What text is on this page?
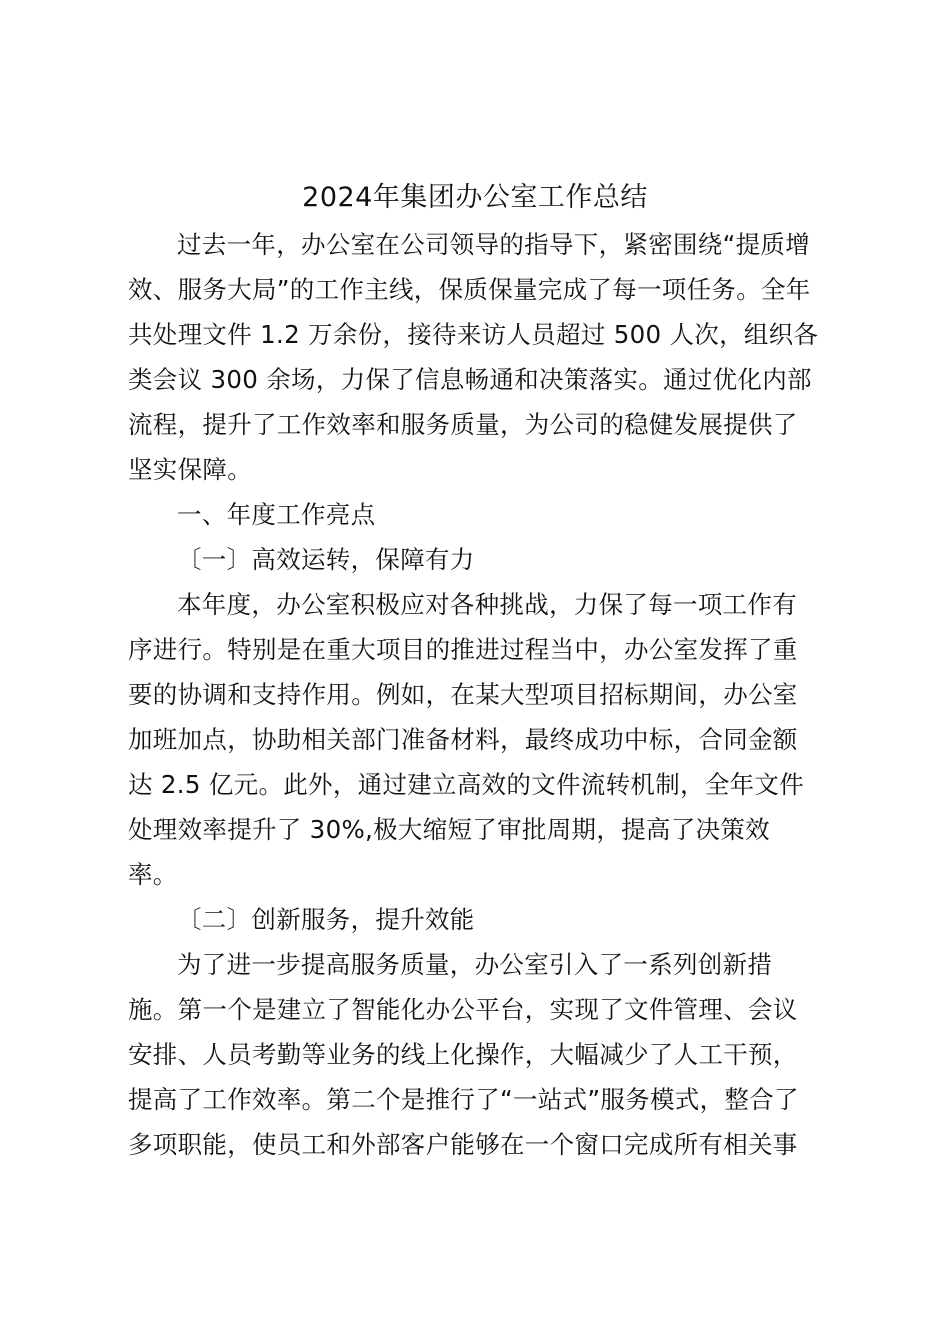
2024年集团办公室工作总结
过去一年，办公室在公司领导的指导下，紧密围绕“提质增
效、服务大局”的工作主线，保质保量完成了每一项任务。全年
共处理文件 1.2 万余份，接待来访人员超过 500 人次，组织各
类会议 300 余场，力保了信息畅通和决策落实。通过优化内部
流程，提升了工作效率和服务质量，为公司的稳健发展提供了
坚实保障。
一、年度工作亮点
〔一〕高效运转，保障有力
本年度，办公室积极应对各种挑战，力保了每一项工作有
序进行。特别是在重大项目的推进过程当中，办公室发挥了重
要的协调和支持作用。例如，在某大型项目招标期间，办公室
加班加点，协助相关部门准备材料，最终成功中标，合同金额
达 2.5 亿元。此外，通过建立高效的文件流转机制，全年文件
处理效率提升了 30%,极大缩短了审批周期，提高了决策效
率。
〔二〕创新服务，提升效能
为了进一步提高服务质量，办公室引入了一系列创新措
施。第一个是建立了智能化办公平台，实现了文件管理、会议
安排、人员考勤等业务的线上化操作，大幅减少了人工干预，
提高了工作效率。第二个是推行了“一站式”服务模式，整合了
多项职能，使员工和外部客户能够在一个窗口完成所有相关事
